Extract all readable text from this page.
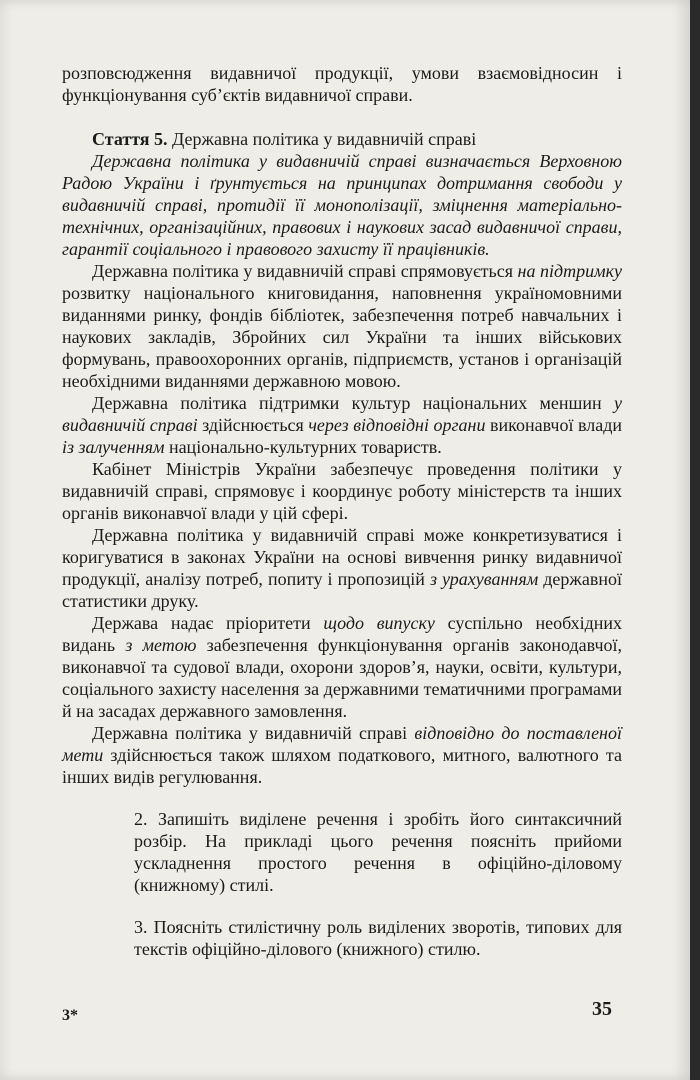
розповсюдження видавничої продукції, умови взаємовідносин і функціонування суб’єктів видавничої справи.

Стаття 5. Державна політика у видавничій справі

Державна політика у видавничій справі визначається Верховною Радою України і ґрунтується на принципах дотримання свободи у видавничій справі, протидії її монополізації, зміцнення матеріально-технічних, організаційних, правових і наукових засад видавничої справи, гарантії соціального і правового захисту її працівників.

Державна політика у видавничій справі спрямовується на підтримку розвитку національного книговидання, наповнення україномовними виданнями ринку, фондів бібліотек, забезпечення потреб навчальних і наукових закладів, Збройних сил України та інших військових формувань, правоохоронних органів, підприємств, установ і організацій необхідними виданнями державною мовою.

Державна політика підтримки культур національних меншин у видавничій справі здійснюється через відповідні органи виконавчої влади із залученням національно-культурних товариств.

Кабінет Міністрів України забезпечує проведення політики у видавничій справі, спрямовує і координує роботу міністерств та інших органів виконавчої влади у цій сфері.

Державна політика у видавничій справі може конкретизуватися і коригуватися в законах України на основі вивчення ринку видавничої продукції, аналізу потреб, попиту і пропозицій з урахуванням державної статистики друку.

Держава надає пріоритети щодо випуску суспільно необхідних видань з метою забезпечення функціонування органів законодавчої, виконавчої та судової влади, охорони здоров’я, науки, освіти, культури, соціального захисту населення за державними тематичними програмами й на засадах державного замовлення.

Державна політика у видавничій справі відповідно до поставленої мети здійснюється також шляхом податкового, митного, валютного та інших видів регулювання.

2. Запишіть виділене речення і зробіть його синтаксичний розбір. На прикладі цього речення поясніть прийоми ускладнення простого речення в офіційно-діловому (книжному) стилі.

3. Поясніть стилістичну роль виділених зворотів, типових для текстів офіційно-ділового (книжного) стилю.

3*	35
